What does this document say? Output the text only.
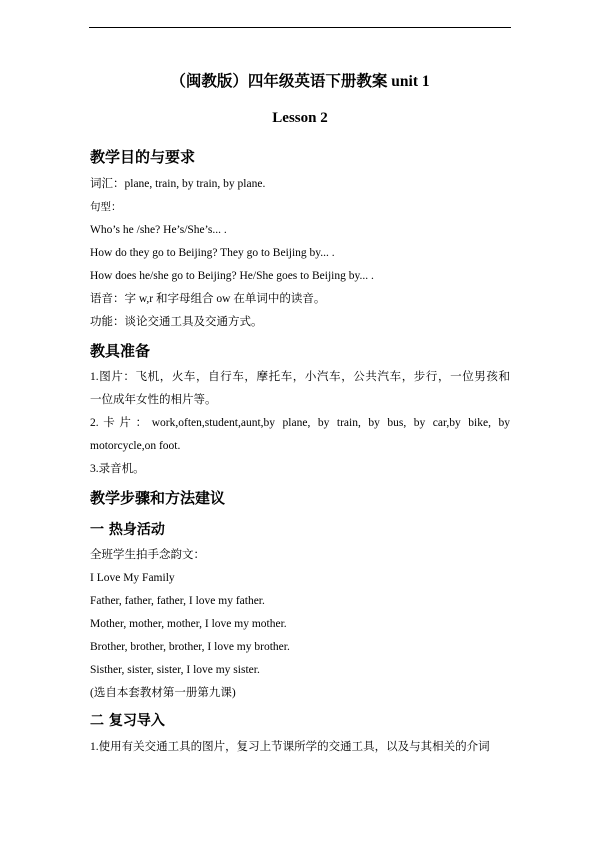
（闽教版）四年级英语下册教案 unit 1
Lesson 2
教学目的与要求
词汇：plane, train, by train, by plane.
句型：
Who’s he /she? He’s/She’s... .
How do they go to Beijing? They go to Beijing by... .
How does he/she go to Beijing? He/She goes to Beijing by... .
语音：字 w,r 和字母组合 ow 在单词中的读音。
功能：谈论交通工具及交通方式。
教具准备
1.图片：飞机，火车，自行车，摩托车，小汽车，公共汽车，步行，一位男孩和
一位成年女性的相片等。
2.卡片：work,often,student,aunt,by plane, by train, by bus, by car,by bike, by
motorcycle,on foot.
3.录音机。
教学步骤和方法建议
一 热身活动
全班学生拍手念韵文：
I Love My Family
Father, father, father, I love my father.
Mother, mother, mother, I love my mother.
Brother, brother, brother, I love my brother.
Sisther, sister, sister, I love my sister.
(选自本套教材第一册第九课)
二 复习导入
1.使用有关交通工具的图片，复习上节课所学的交通工具，以及与其相关的介词
